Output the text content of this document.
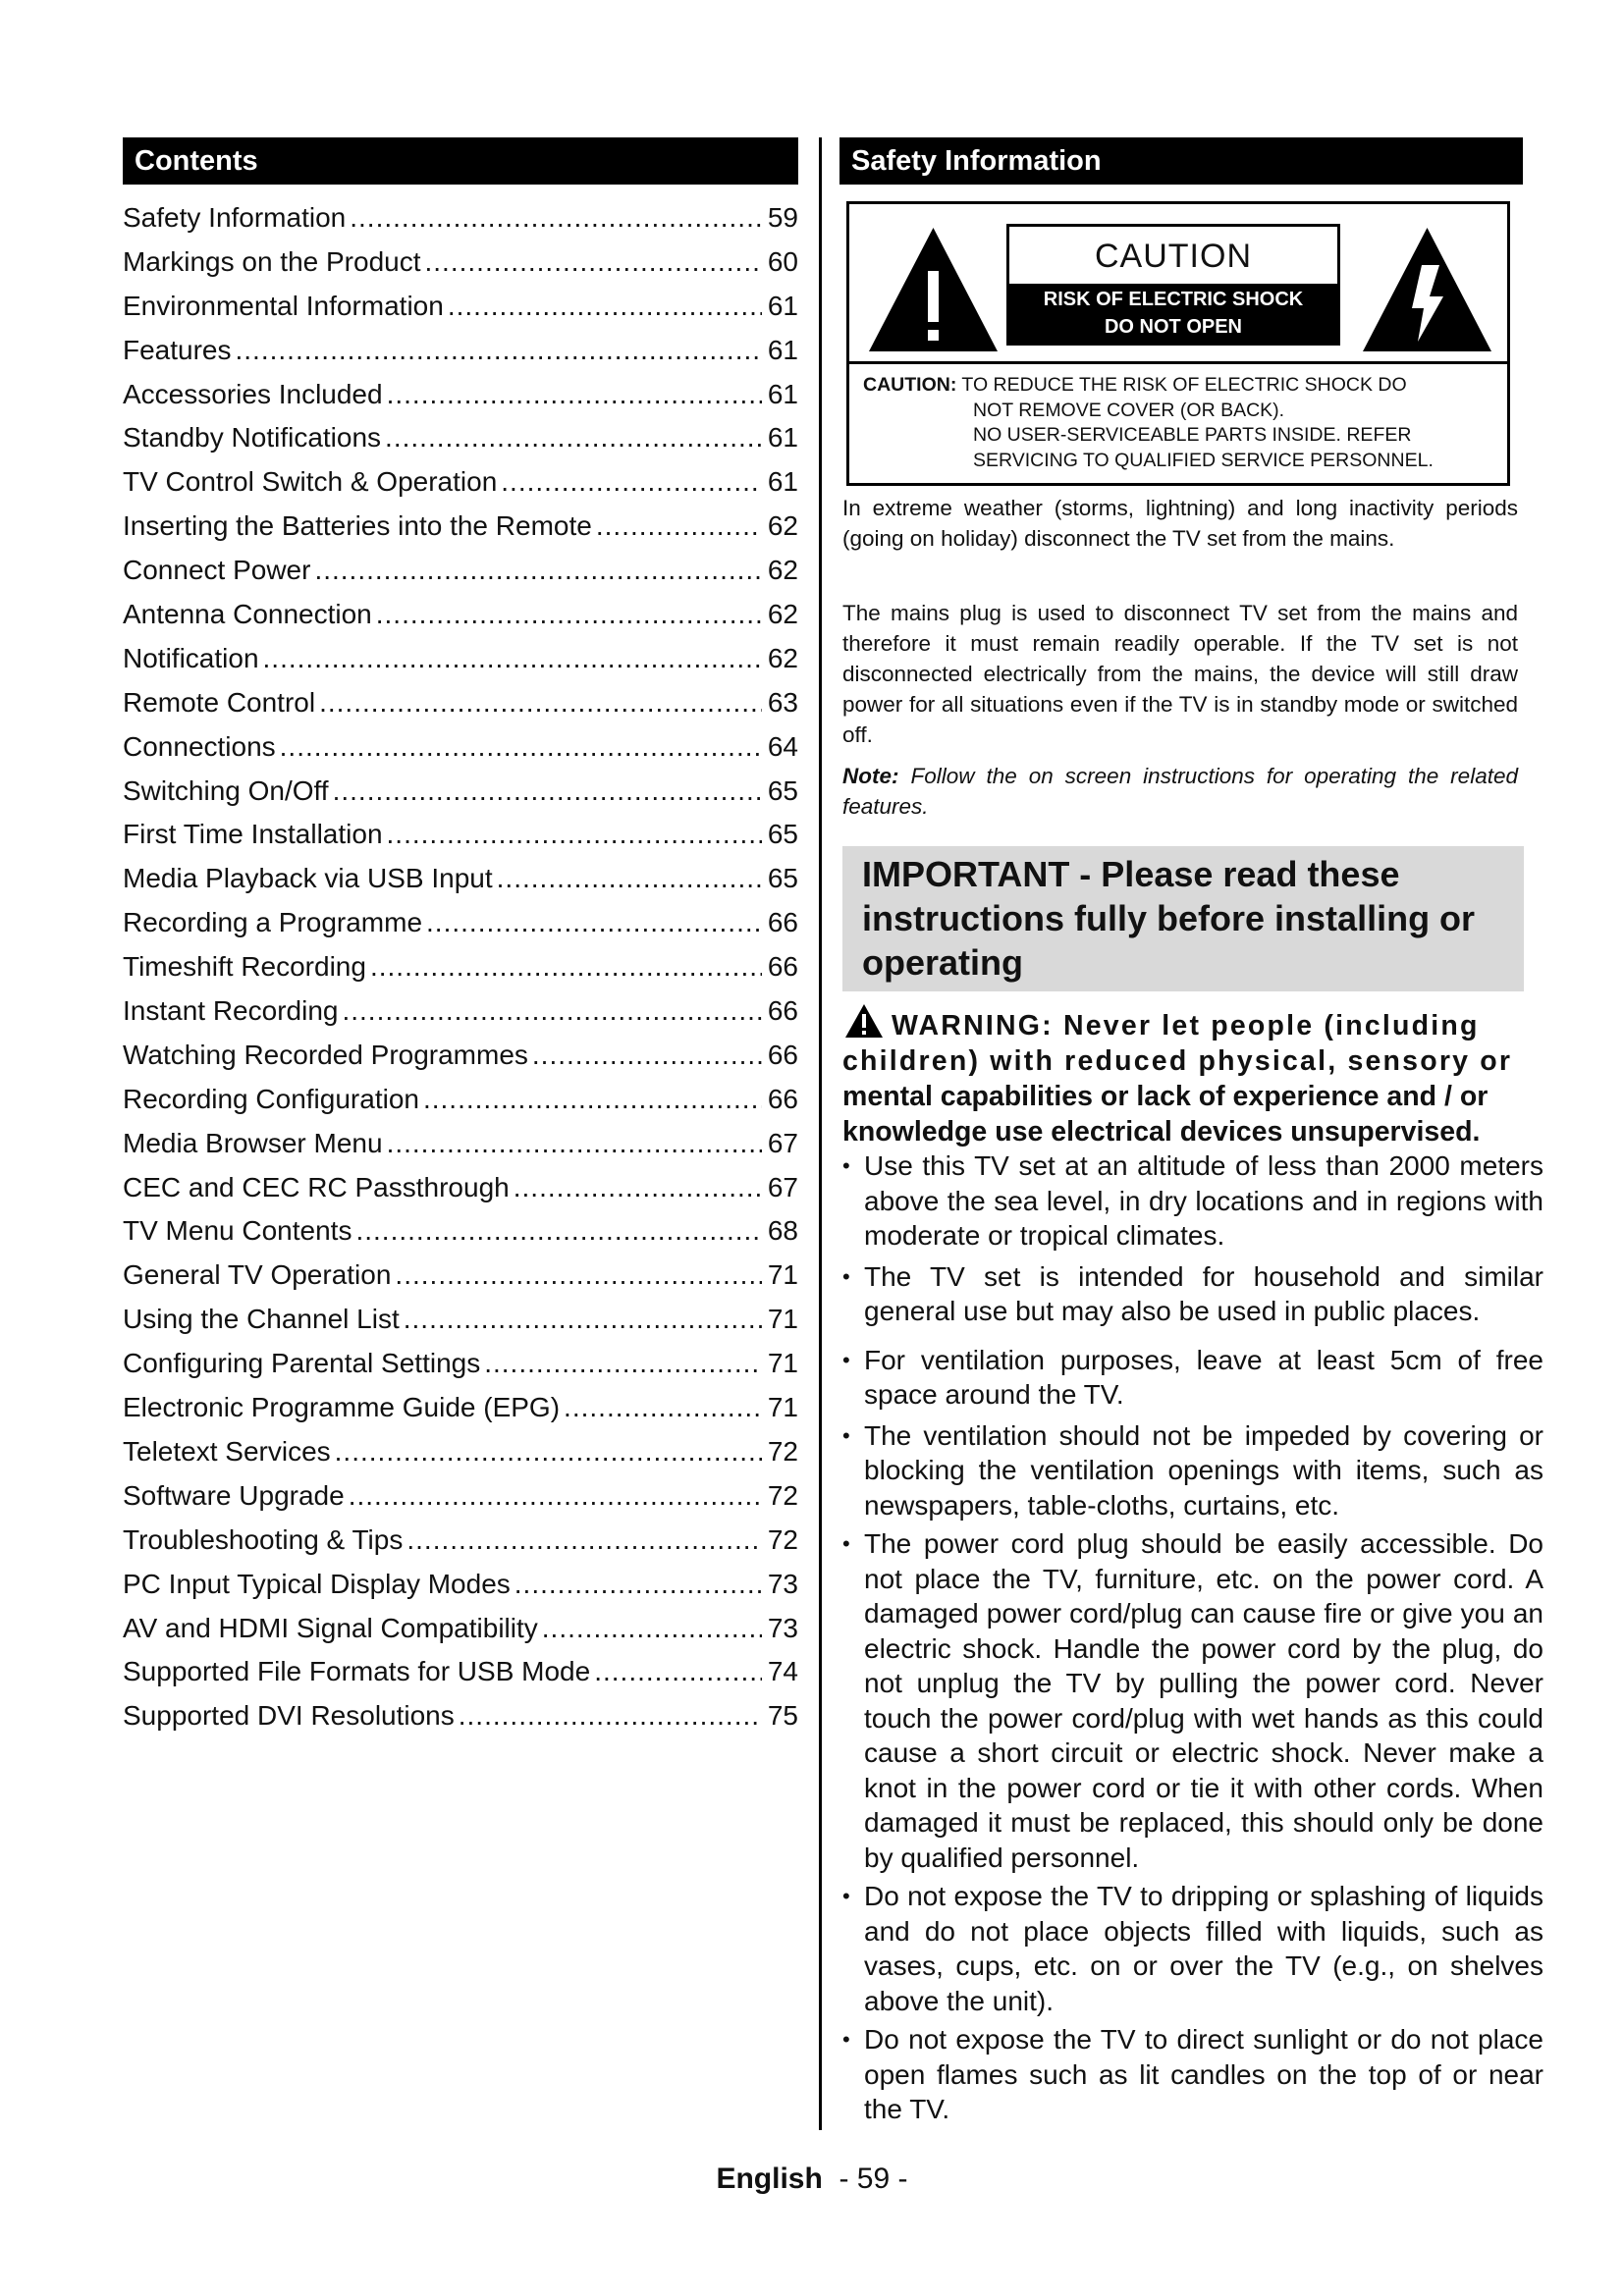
Contents
Safety Information .....	59
Markings on the Product .....	60
Environmental Information .....	61
Features .....	61
Accessories Included .....	61
Standby Notifications .....	61
TV Control Switch & Operation .....	61
Inserting the Batteries into the Remote .....	62
Connect Power .....	62
Antenna Connection .....	62
Notification .....	62
Remote Control .....	63
Connections .....	64
Switching On/Off .....	65
First Time Installation .....	65
Media Playback via USB Input .....	65
Recording a Programme .....	66
Timeshift Recording .....	66
Instant Recording .....	66
Watching Recorded Programmes .....	66
Recording Configuration .....	66
Media Browser Menu .....	67
CEC and CEC RC Passthrough .....	67
TV Menu Contents .....	68
General TV Operation .....	71
Using the Channel List .....	71
Configuring Parental Settings .....	71
Electronic Programme Guide (EPG) .....	71
Teletext Services .....	72
Software Upgrade .....	72
Troubleshooting & Tips .....	72
PC Input Typical Display Modes .....	73
AV and HDMI Signal Compatibility .....	73
Supported File Formats for USB Mode .....	74
Supported DVI Resolutions .....	75
Safety Information
CAUTION
RISK OF ELECTRIC SHOCK
DO NOT OPEN
CAUTION: TO REDUCE THE RISK OF ELECTRIC SHOCK DO
NOT REMOVE COVER (OR BACK).
NO USER-SERVICEABLE PARTS INSIDE. REFER
SERVICING TO QUALIFIED SERVICE PERSONNEL.
In extreme weather (storms, lightning) and long inactivity periods (going on holiday) disconnect the TV set from the mains.
The mains plug is used to disconnect TV set from the mains and therefore it must remain readily operable. If the TV set is not disconnected electrically from the mains, the device will still draw power for all situations even if the TV is in standby mode or switched off.
Note: Follow the on screen instructions for operating the related features.
IMPORTANT - Please read these instructions fully before installing or operating
WARNING: Never let people (including
children) with reduced physical, sensory or
mental capabilities or lack of experience and / or
knowledge use electrical devices unsupervised.
• Use this TV set at an altitude of less than 2000 meters above the sea level, in dry locations and in regions with moderate or tropical climates.
• The TV set is intended for household and similar general use but may also be used in public places.
• For ventilation purposes, leave at least 5cm of free space around the TV.
• The ventilation should not be impeded by covering or blocking the ventilation openings with items, such as newspapers, table-cloths, curtains, etc.
• The power cord plug should be easily accessible. Do not place the TV, furniture, etc. on the power cord. A damaged power cord/plug can cause fire or give you an electric shock. Handle the power cord by the plug, do not unplug the TV by pulling the power cord. Never touch the power cord/plug with wet hands as this could cause a short circuit or electric shock. Never make a knot in the power cord or tie it with other cords. When damaged it must be replaced, this should only be done by qualified personnel.
• Do not expose the TV to dripping or splashing of liquids and do not place objects filled with liquids, such as vases, cups, etc. on or over the TV (e.g., on shelves above the unit).
• Do not expose the TV to direct sunlight or do not place open flames such as lit candles on the top of or near the TV.
English - 59 -
